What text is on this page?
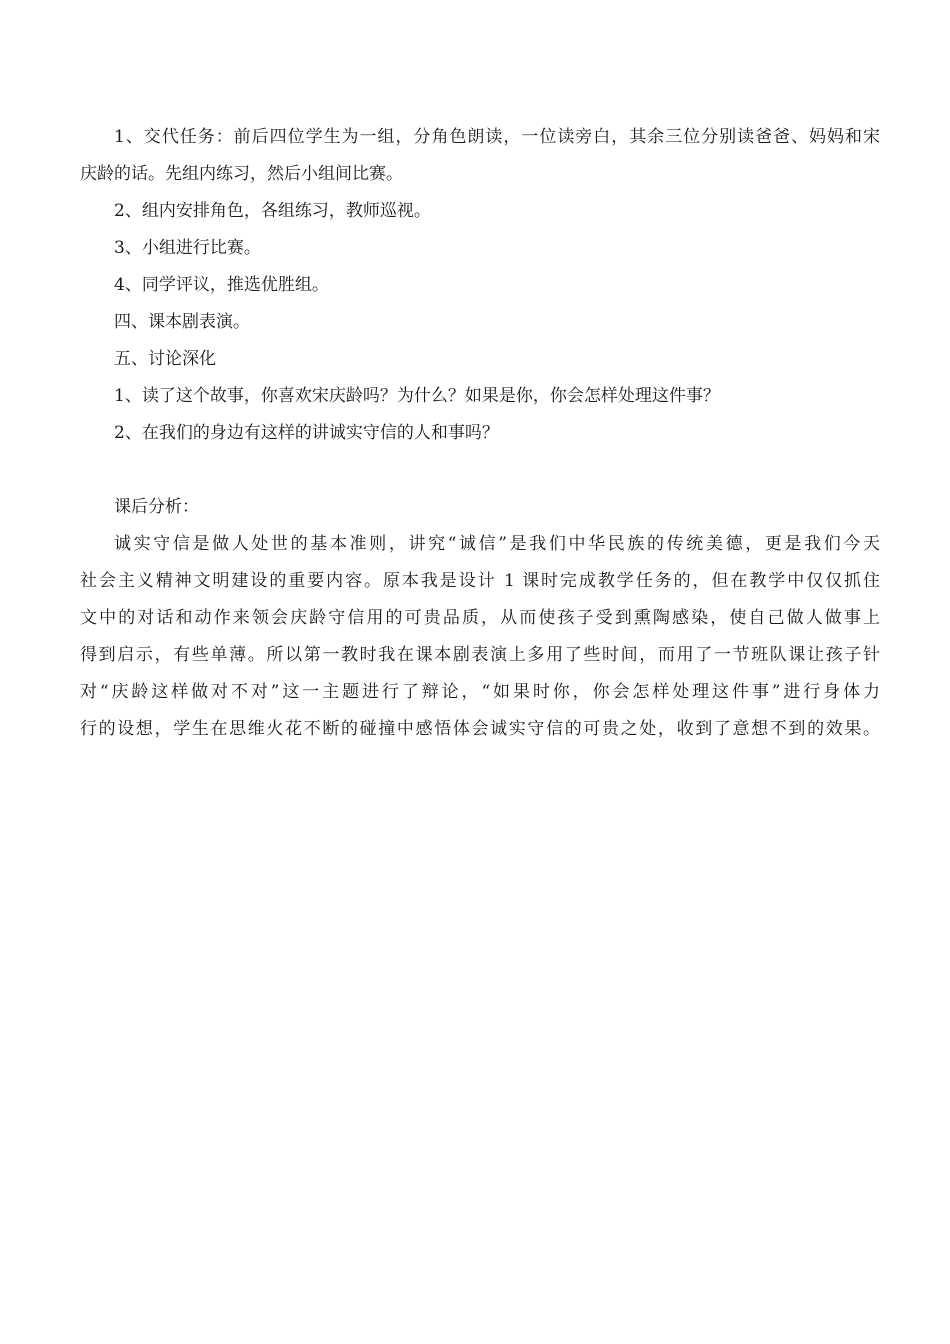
1、交代任务：前后四位学生为一组，分角色朗读，一位读旁白，其余三位分别读爸爸、妈妈和宋
庆龄的话。先组内练习，然后小组间比赛。
2、组内安排角色，各组练习，教师巡视。
3、小组进行比赛。
4、同学评议，推选优胜组。
四、课本剧表演。
五、讨论深化
1、读了这个故事，你喜欢宋庆龄吗？为什么？如果是你，你会怎样处理这件事？
2、在我们的身边有这样的讲诚实守信的人和事吗？
课后分析：
诚实守信是做人处世的基本准则，讲究“诚信”是我们中华民族的传统美德，更是我们今天
社会主义精神文明建设的重要内容。原本我是设计 1 课时完成教学任务的，但在教学中仅仅抓住
文中的对话和动作来领会庆龄守信用的可贵品质，从而使孩子受到熏陶感染，使自己做人做事上
得到启示，有些单薄。所以第一教时我在课本剧表演上多用了些时间，而用了一节班队课让孩子针
对“庆龄这样做对不对”这一主题进行了辩论，“如果时你，你会怎样处理这件事”进行身体力
行的设想，学生在思维火花不断的碰撞中感悟体会诚实守信的可贵之处，收到了意想不到的效果。
